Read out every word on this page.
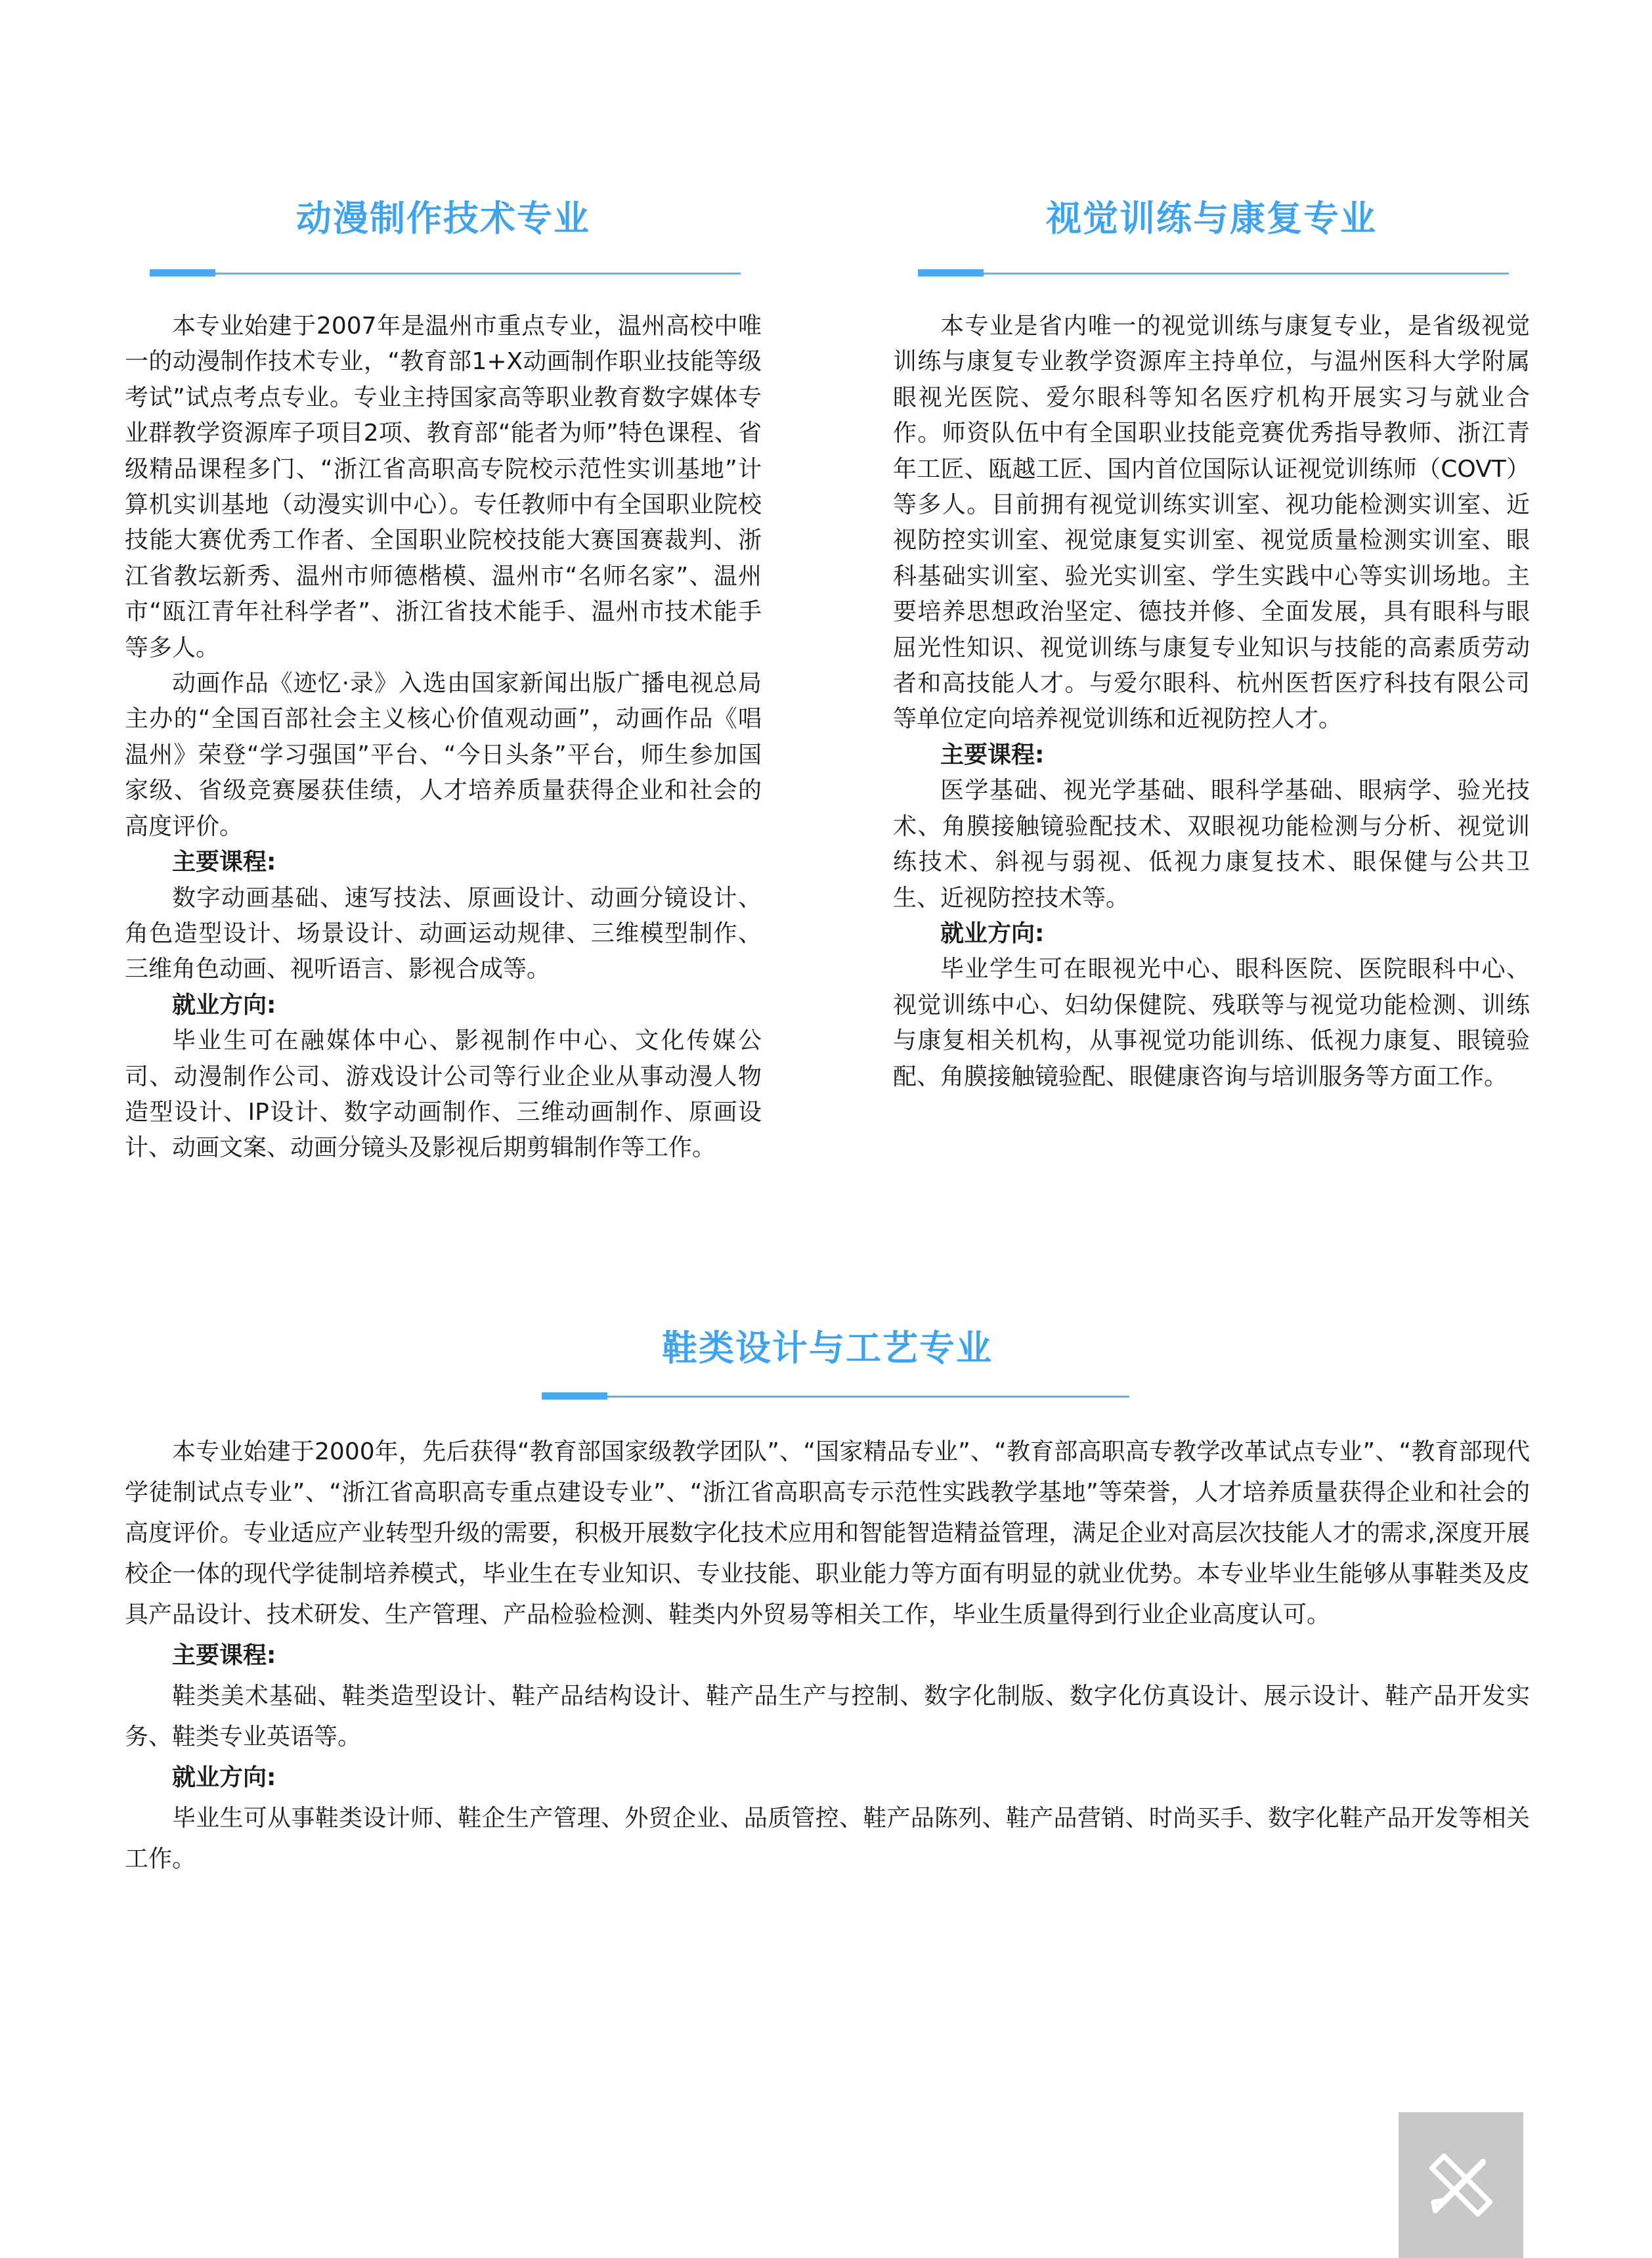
动漫制作技术专业

本专业始建于2007年是温州市重点专业，温州高校中唯一的动漫制作技术专业，“教育部1+X动画制作职业技能等级考试”试点考点专业。专业主持国家高等职业教育数字媒体专业群教学资源库子项目2项、教育部“能者为师”特色课程、省级精品课程多门、“浙江省高职高专院校示范性实训基地”计算机实训基地（动漫实训中心）。专任教师中有全国职业院校技能大赛优秀工作者、全国职业院校技能大赛国赛裁判、浙江省教坛新秀、温州市师德楷模、温州市“名师名家”、温州市“瓯江青年社科学者”、浙江省技术能手、温州市技术能手等多人。

动画作品《迹忆·录》入选由国家新闻出版广播电视总局主办的“全国百部社会主义核心价值观动画”，动画作品《唱温州》荣登“学习强国”平台、“今日头条”平台，师生参加国家级、省级竞赛屡获佳绩，人才培养质量获得企业和社会的高度评价。

主要课程:

数字动画基础、速写技法、原画设计、动画分镜设计、角色造型设计、场景设计、动画运动规律、三维模型制作、三维角色动画、视听语言、影视合成等。

就业方向:

毕业生可在融媒体中心、影视制作中心、文化传媒公司、动漫制作公司、游戏设计公司等行业企业从事动漫人物造型设计、IP设计、数字动画制作、三维动画制作、原画设计、动画文案、动画分镜头及影视后期剪辑制作等工作。

视觉训练与康复专业

本专业是省内唯一的视觉训练与康复专业，是省级视觉训练与康复专业教学资源库主持单位，与温州医科大学附属眼视光医院、爱尔眼科等知名医疗机构开展实习与就业合作。师资队伍中有全国职业技能竞赛优秀指导教师、浙江青年工匠、瓯越工匠、国内首位国际认证视觉训练师（COVT）等多人。目前拥有视觉训练实训室、视功能检测实训室、近视防控实训室、视觉康复实训室、视觉质量检测实训室、眼科基础实训室、验光实训室、学生实践中心等实训场地。主要培养思想政治坚定、德技并修、全面发展，具有眼科与眼屈光性知识、视觉训练与康复专业知识与技能的高素质劳动者和高技能人才。与爱尔眼科、杭州医哲医疗科技有限公司等单位定向培养视觉训练和近视防控人才。

主要课程:

医学基础、视光学基础、眼科学基础、眼病学、验光技术、角膜接触镜验配技术、双眼视功能检测与分析、视觉训练技术、斜视与弱视、低视力康复技术、眼保健与公共卫生、近视防控技术等。

就业方向:

毕业学生可在眼视光中心、眼科医院、医院眼科中心、视觉训练中心、妇幼保健院、残联等与视觉功能检测、训练与康复相关机构，从事视觉功能训练、低视力康复、眼镜验配、角膜接触镜验配、眼健康咨询与培训服务等方面工作。

鞋类设计与工艺专业

本专业始建于2000年，先后获得“教育部国家级教学团队”、“国家精品专业”、“教育部高职高专教学改革试点专业”、“教育部现代学徒制试点专业”、“浙江省高职高专重点建设专业”、“浙江省高职高专示范性实践教学基地”等荣誉，人才培养质量获得企业和社会的高度评价。专业适应产业转型升级的需要，积极开展数字化技术应用和智能智造精益管理，满足企业对高层次技能人才的需求,深度开展校企一体的现代学徒制培养模式，毕业生在专业知识、专业技能、职业能力等方面有明显的就业优势。本专业毕业生能够从事鞋类及皮具产品设计、技术研发、生产管理、产品检验检测、鞋类内外贸易等相关工作，毕业生质量得到行业企业高度认可。

主要课程:

鞋类美术基础、鞋类造型设计、鞋产品结构设计、鞋产品生产与控制、数字化制版、数字化仿真设计、展示设计、鞋产品开发实务、鞋类专业英语等。

就业方向:

毕业生可从事鞋类设计师、鞋企生产管理、外贸企业、品质管控、鞋产品陈列、鞋产品营销、时尚买手、数字化鞋产品开发等相关工作。
